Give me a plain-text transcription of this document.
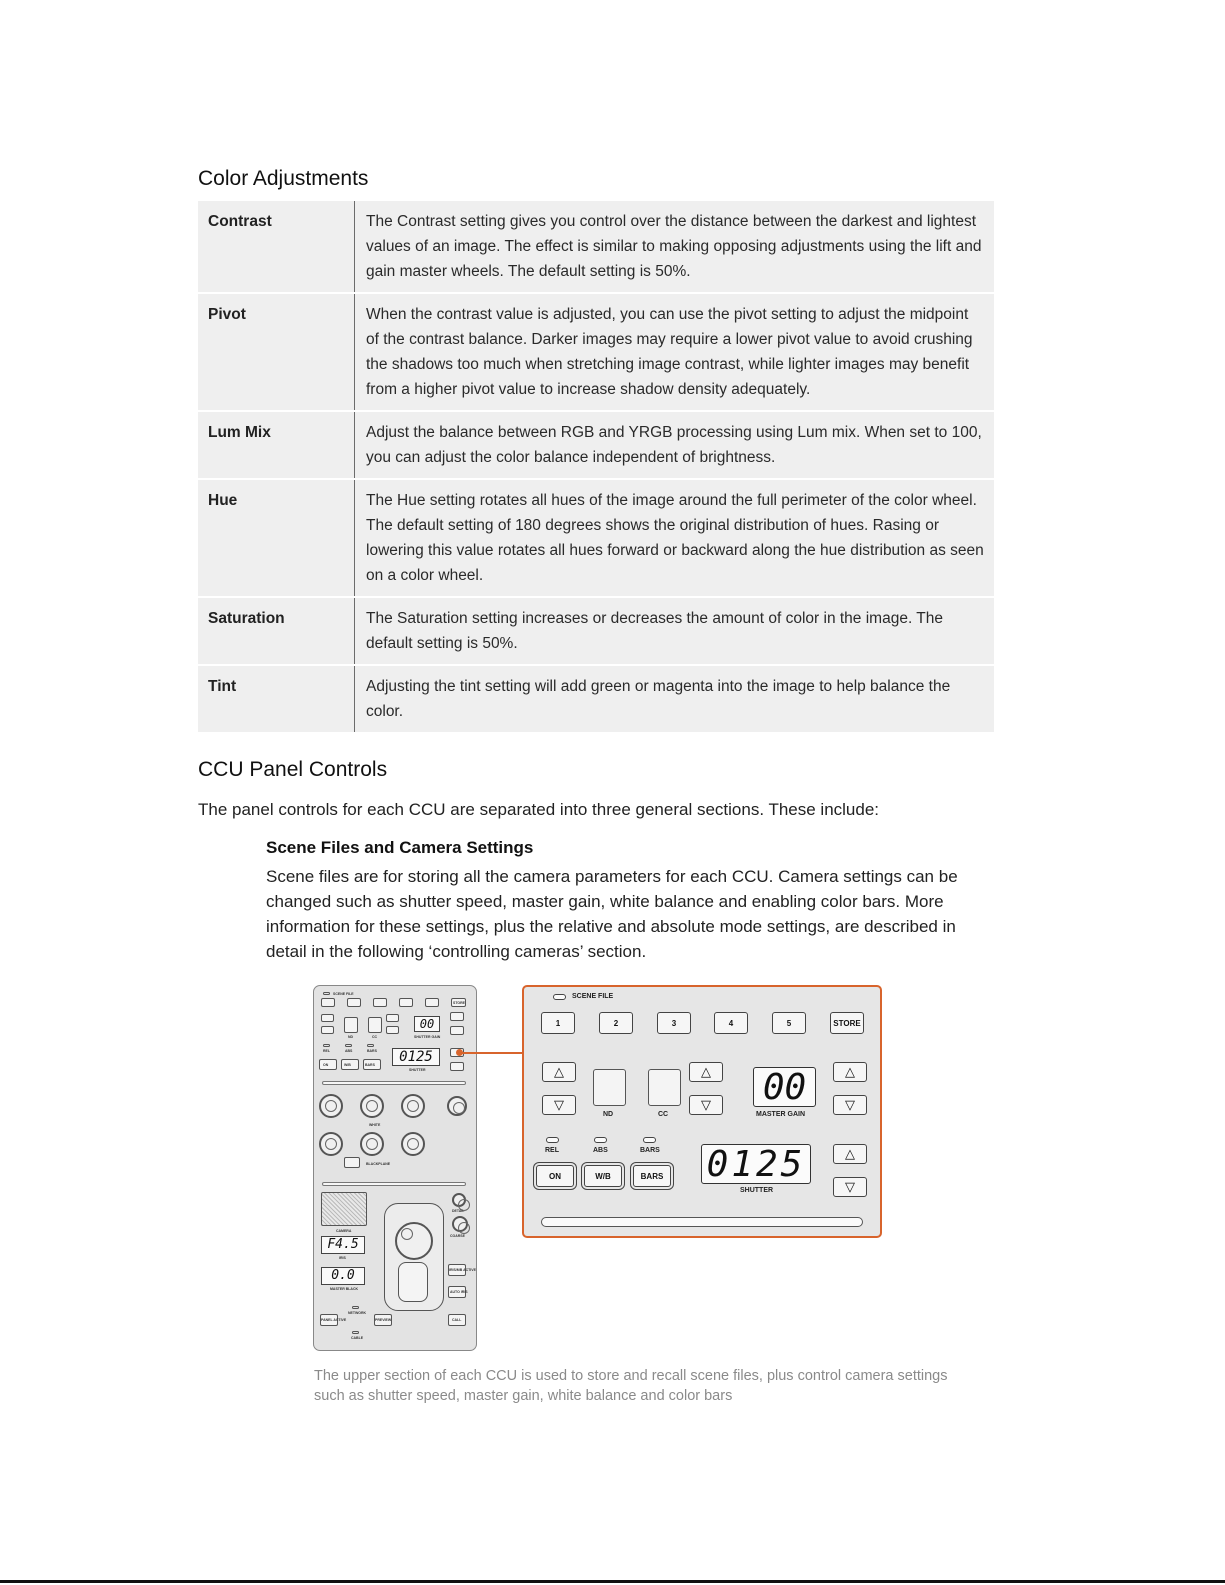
Color Adjustments
Contrast	The Contrast setting gives you control over the distance between the darkest and lightest values of an image. The effect is similar to making opposing adjustments using the lift and gain master wheels. The default setting is 50%.
Pivot	When the contrast value is adjusted, you can use the pivot setting to adjust the midpoint of the contrast balance. Darker images may require a lower pivot value to avoid crushing the shadows too much when stretching image contrast, while lighter images may benefit from a higher pivot value to increase shadow density adequately.
Lum Mix	Adjust the balance between RGB and YRGB processing using Lum mix. When set to 100, you can adjust the color balance independent of brightness.
Hue	The Hue setting rotates all hues of the image around the full perimeter of the color wheel. The default setting of 180 degrees shows the original distribution of hues. Rasing or lowering this value rotates all hues forward or backward along the hue distribution as seen on a color wheel.
Saturation	The Saturation setting increases or decreases the amount of color in the image. The default setting is 50%.
Tint	Adjusting the tint setting will add green or magenta into the image to help balance the color.
CCU Panel Controls
The panel controls for each CCU are separated into three general sections. These include:
Scene Files and Camera Settings
Scene files are for storing all the camera parameters for each CCU. Camera settings can be changed such as shutter speed, master gain, white balance and enabling color bars. More information for these settings, plus the relative and absolute mode settings, are described in detail in the following ‘controlling cameras’ section.
SCENE FILE
STORE
ND	CC
00
SHUTTER GAIN
REL	ABS	BARS	0125
SHUTTER
ON	W/B	BARS
WHITE
BLACKPLANE
CAMERA
F4.5
IRIS
0.0
MASTER BLACK
DETAIL
COARSE
IRIS/MB ACTIVE
AUTO IRIS
PANEL ACTIVE
NETWORK
CABLE
PREVIEW	CALL
SCENE FILE
1	2	3	4	5	STORE
△
▽
ND	CC
△
▽	00
MASTER GAIN
△
▽
REL	ABS	BARS
ON	W/B	BARS 0125
SHUTTER
△
▽
The upper section of each CCU is used to store and recall scene files, plus control camera settings such as shutter speed, master gain, white balance and color bars
